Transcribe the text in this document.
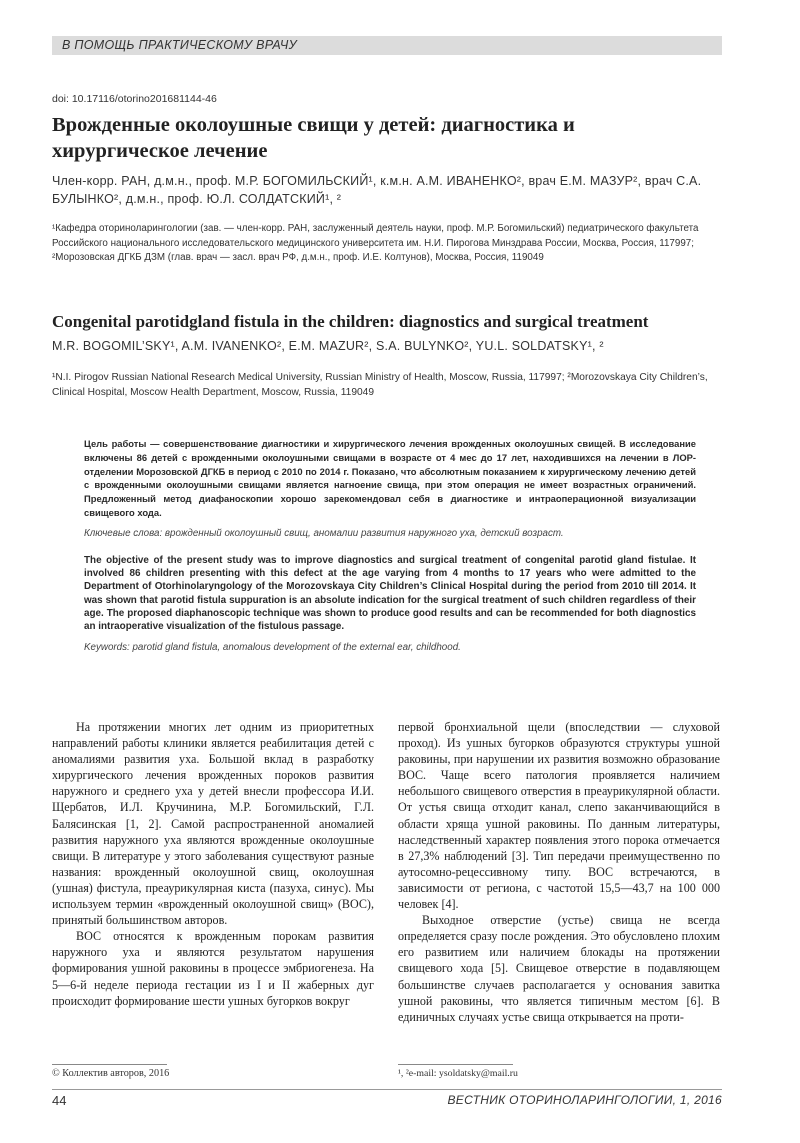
В ПОМОЩЬ ПРАКТИЧЕСКОМУ ВРАЧУ
doi: 10.17116/otorino201681144-46
Врожденные околоушные свищи у детей: диагностика и хирургическое лечение
Член-корр. РАН, д.м.н., проф. М.Р. БОГОМИЛЬСКИЙ¹, к.м.н. А.М. ИВАНЕНКО², врач Е.М. МАЗУР², врач С.А. БУЛЫНКО², д.м.н., проф. Ю.Л. СОЛДАТСКИЙ¹, ²
¹Кафедра оториноларингологии (зав. — член-корр. РАН, заслуженный деятель науки, проф. М.Р. Богомильский) педиатрического факультета Российского национального исследовательского медицинского университета им. Н.И. Пирогова Минздрава России, Москва, Россия, 117997; ²Морозовская ДГКБ ДЗМ (глав. врач — засл. врач РФ, д.м.н., проф. И.Е. Колтунов), Москва, Россия, 119049
Congenital parotidgland fistula in the children: diagnostics and surgical treatment
M.R. BOGOMIL’SKY¹, A.M. IVANENKO², E.M. MAZUR², S.A. BULYNKO², YU.L. SOLDATSKY¹, ²
¹N.I. Pirogov Russian National Research Medical University, Russian Ministry of Health, Moscow, Russia, 117997; ²Morozovskaya City Children’s, Clinical Hospital, Moscow Health Department, Moscow, Russia, 119049
Цель работы — совершенствование диагностики и хирургического лечения врожденных околоушных свищей. В исследование включены 86 детей с врожденными околоушными свищами в возрасте от 4 мес до 17 лет, находившихся на лечении в ЛОР-отделении Морозовской ДГКБ в период с 2010 по 2014 г. Показано, что абсолютным показанием к хирургическому лечению детей с врожденными околоушными свищами является нагноение свища, при этом операция не имеет возрастных ограничений. Предложенный метод диафаноскопии хорошо зарекомендовал себя в диагностике и интраоперационной визуализации свищевого хода.
Ключевые слова: врожденный околоушный свищ, аномалии развития наружного уха, детский возраст.
The objective of the present study was to improve diagnostics and surgical treatment of congenital parotid gland fistulae. It involved 86 children presenting with this defect at the age varying from 4 months to 17 years who were admitted to the Department of Otorhinolaryngology of the Morozovskaya City Children’s Clinical Hospital during the period from 2010 till 2014. It was shown that parotid fistula suppuration is an absolute indication for the surgical treatment of such children regardless of their age. The proposed diaphanoscopic technique was shown to produce good results and can be recommended for both diagnostics an intraoperative visualization of the fistulous passage.
Keywords: parotid gland fistula, anomalous development of the external ear, childhood.

На протяжении многих лет одним из приоритетных направлений работы клиники является реабилитация детей с аномалиями развития уха. Большой вклад в разработку хирургического лечения врожденных пороков развития наружного и среднего уха у детей внесли профессора И.И. Щербатов, И.Л. Кручинина, М.Р. Богомильский, Г.Л. Балясинская [1, 2]. Самой распространенной аномалией развития наружного уха являются врожденные околоушные свищи. В литературе у этого заболевания существуют разные названия: врожденный околоушной свищ, околоушная (ушная) фистула, преаурикулярная киста (пазуха, синус). Мы используем термин «врожденный околоушной свищ» (ВОС), принятый большинством авторов.

ВОС относятся к врожденным порокам развития наружного уха и являются результатом нарушения формирования ушной раковины в процессе эмбриогенеза. На 5—6-й неделе периода гестации из I и II жаберных дуг происходит формирование шести ушных бугорков вокруг

первой бронхиальной щели (впоследствии — слуховой проход). Из ушных бугорков образуются структуры ушной раковины, при нарушении их развития возможно образование ВОС. Чаще всего патология проявляется наличием небольшого свищевого отверстия в преаурикулярной области. От устья свища отходит канал, слепо заканчивающийся в области хряща ушной раковины. По данным литературы, наследственный характер появления этого порока отмечается в 27,3% наблюдений [3]. Тип передачи преимущественно по аутосомно-рецессивному типу. ВОС встречаются, в зависимости от региона, с частотой 15,5—43,7 на 100 000 человек [4].

Выходное отверстие (устье) свища не всегда определяется сразу после рождения. Это обусловлено плохим его развитием или наличием блокады на протяжении свищевого хода [5]. Свищевое отверстие в подавляющем большинстве случаев располагается у основания завитка ушной раковины, что является типичным местом [6]. В единичных случаях устье свища открывается на проти-

© Коллектив авторов, 2016	¹, ²e-mail: ysoldatsky@mail.ru
44	ВЕСТНИК ОТОРИНОЛАРИНГОЛОГИИ, 1, 2016
